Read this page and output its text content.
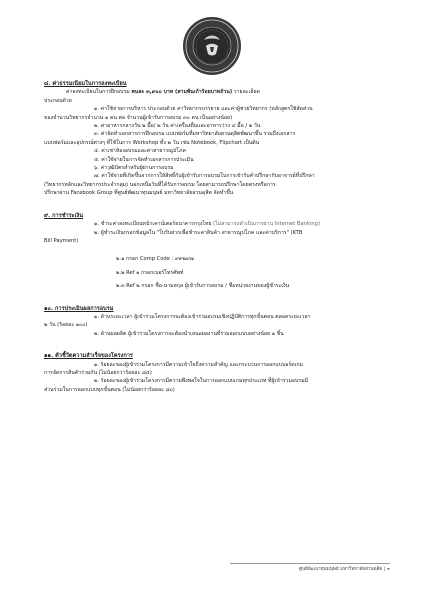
๘. ค่าธรรมเนียมในการลงทะเบียน

ค่าลงทะเบียนในการฝึกอบรม คนละ ๓,๙๐๐ บาท (สามพันเก้าร้อยบาทถ้วน) รายละเอียด

ประกอบด้วย

๑. ค่าใช้จ่ายการบริหาร ประกอบด้วย ค่าวิทยากรบรรยาย และค่าผู้ช่วยวิทยากร (หลักสูตรใช้สัดส่วน

ของจำนวนวิทยากรจำนวน ๑ คน ต่อ จำนวนผู้เข้ารับการอบรม ๓๐ คน เป็นอย่างน้อย)

๒. ค่าอาหารกลางวัน ๒ มื้อ/ ๒ วัน ค่าเครื่องดื่มและอาหารว่าง ๔ มื้อ / ๒ วัน

๓. ค่าจัดทำเอกสารการฝึกอบรม แบบฟอร์มที่มหาวิทยาลัยสวนดุสิตพัฒนาขึ้น รวมถึงเอกสาร

แบบฟอร์มและอุปกรณ์ต่างๆ ที่ใช้ในการ Workshop ทั้ง ๒ วัน เช่น Notebook, Flipchart เป็นต้น

๔. ค่าเช่าห้องอบรมและค่าสาธารณูปโภค

๕. ค่าใช้จ่ายในการจัดทำเอกสารการประเมิน

๖. ค่าวุฒิบัตรสำหรับผู้ผ่านการอบรม

๗. ค่าใช้จ่ายที่เกิดขึ้นจากการให้สิทธิ์กับผู้เข้ารับการอบรมในการเข้ารับคำปรึกษากับอาจารย์ที่ปรึกษา

(วิทยากรหลักและวิทยากรประจำกลุ่ม) นอกเหนือวันที่ได้รับการอบรม โดยสามารถปรึกษาโดยตรงหรือการ

ปรึกษาผ่าน Facebook Group ที่ศูนย์พัฒนาทุนมนุษย์ มหาวิทยาลัยสวนดุสิต จัดทำขึ้น

๙. การชำระเงิน

๑. ชำระค่าลงทะเบียนหน้าเคาน์เตอร์ธนาคารกรุงไทย (ไม่สามารถดำเนินการผ่าน Internet Banking)

๒. ผู้ชำระเงินกรอกข้อมูลใน "ใบรับฝากเพื่อชำระค่าสินค้า สาธารณูปโภค และค่าบริการ" (KTB

Bill Payment)

๒.๑ กรอก Comp Code : ๙๙๒๙๗

๒.๒ Ref ๑ กรอกเบอร์โทรศัพท์

๒.๓ Ref ๒ กรอก ชื่อ-นามสกุล ผู้เข้ารับการอบรม / ชื่อหน่วยงานของผู้ชำระเงิน

๑๐. การประเมินผลการอบรม

๑. ด้านระยะเวลา ผู้เข้าร่วมโครงการจะต้องเข้าร่วมอบรมเชิงปฏิบัติการทุกขั้นตอน ตลอดระยะเวลา

๒ วัน (ร้อยละ ๑๐๐)

๒. ด้านผลผลิต ผู้เข้าร่วมโครงการจะต้องนำเสนอผลงานที่ร่วมออกแบบอย่างน้อย ๑ ชิ้น

๑๑. ตัวชี้วัดความสำเร็จของโครงการ

๑. ร้อยละของผู้เข้าร่วมโครงการมีความเข้าใจถึงความสำคัญ และกระบวนการออกแบบอร์ดเกม

การจัดการสินค้าร่วมกัน (ไม่น้อยกว่าร้อยละ ๘๕)

๒. ร้อยละของผู้เข้าร่วมโครงการมีความพึงพอใจในการออกแบบเกมทุกประเภท ที่ผู้เข้าร่วมอบรมมี

ส่วนร่วมในการออกแบบทุกขั้นตอน (ไม่น้อยกว่าร้อยละ ๘๐)

ศูนย์พัฒนาทุนมนุษย์ มหาวิทยาลัยสวนดุสิต | ๓
